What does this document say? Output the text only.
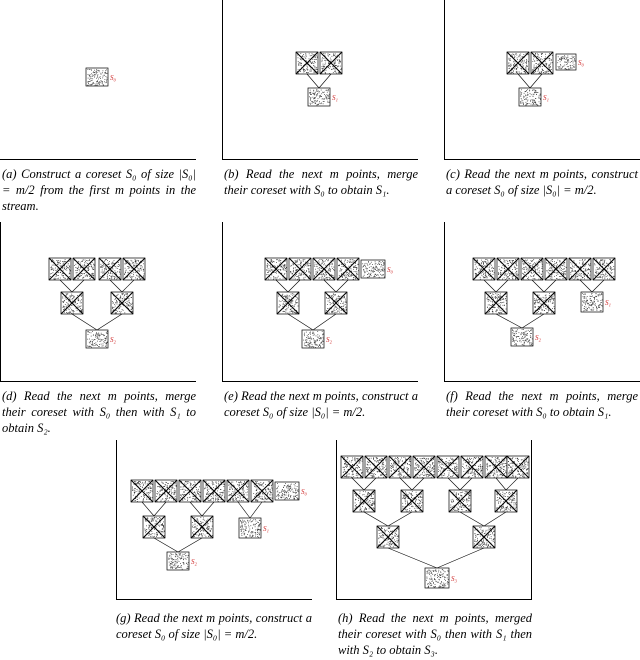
S₀
S₁
S₀
S₁
(a) Construct a coreset S₀ of size |S₀| = m/2 from the first m points in the stream.
(b) Read the next m points, merge their coreset with S₀ to obtain S₁.
(c) Read the next m points, construct a coreset S₀ of size |S₀| = m/2.
S₂
S₀
S₂
S₁
S₂
(d) Read the next m points, merge their coreset with S₀ then with S₁ to obtain S₂.
(e) Read the next m points, construct a coreset S₀ of size |S₀| = m/2.
(f) Read the next m points, merge their coreset with S₀ to obtain S₁.
S₀
S₁
S₂
S₃
(g) Read the next m points, construct a coreset S₀ of size |S₀| = m/2.
(h) Read the next m points, merged their coreset with S₀ then with S₁ then with S₂ to obtain S₃.
